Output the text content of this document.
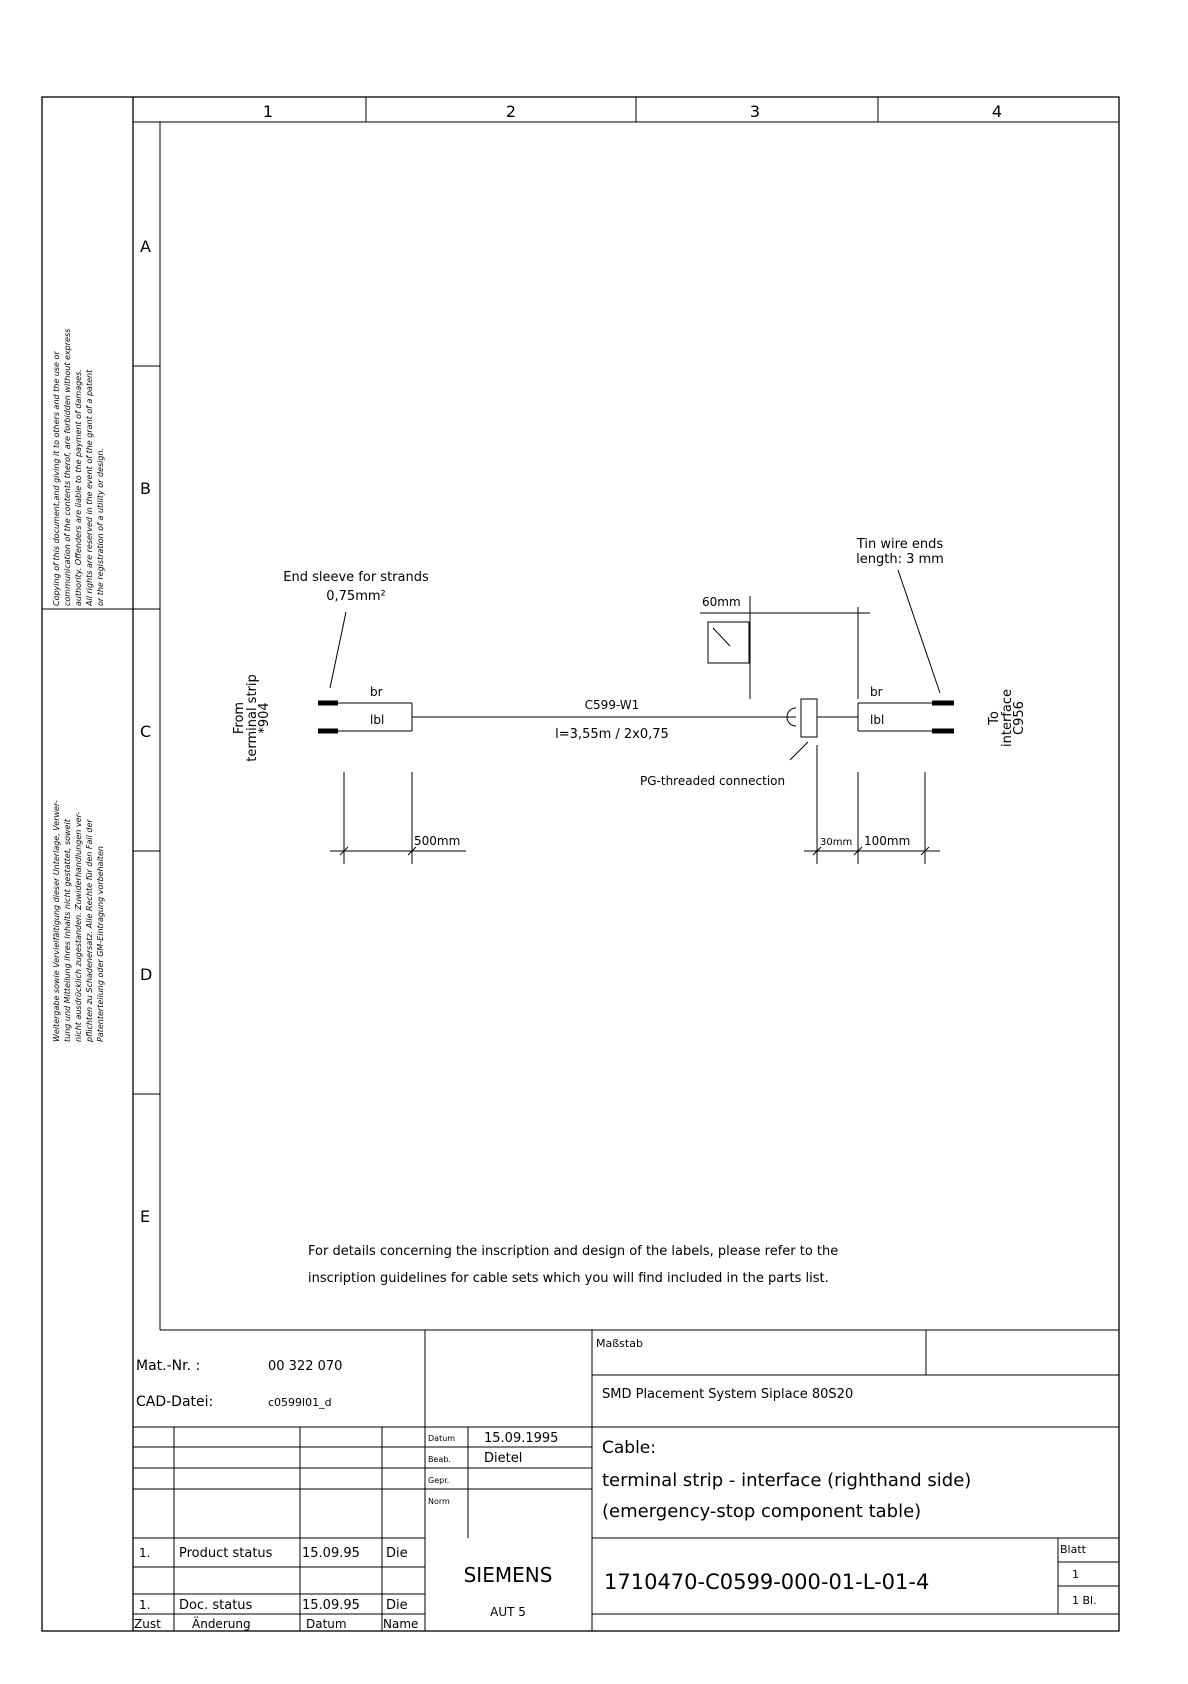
1	2	3	4
A
B
C
D
E
Copying of this document,and giving it to others and the use or communication of the contents therof, are forbidden without express authority. Offenders are liable to the payment of damages. All rights are reserved in the event of the grant of a patent or the registration of a utility or design.
Weitergabe sowie Vervielfältigung dieser Unterlage, Verwer- tung und Mitteilung ihres Inhalts nicht gestattet, soweit nicht ausdrücklich zugestanden. Zuwiderhandlungen ver- pflichten zu Schadenersatz. Alle Rechte für den Fall der Patenterteilung oder GM-Eintragung vorbehalten
From
terminal strip
*904
End sleeve for strands
0,75mm²
br
lbl
C599-W1
l=3,55m / 2x0,75
PG-threaded connection
60mm
br
lbl
Tin wire ends
length: 3 mm
To
interface
C956
500mm	30mm 100mm
For details concerning the inscription and design of the labels, please refer to the
inscription guidelines for cable sets which you will find included in the parts list.
Mat.-Nr. :	00 322 070
CAD-Datei:	c0599l01_d
Maßstab
SMD Placement System Siplace 80S20
Datum 15.09.1995
Beab.	Dietel
Gepr.
Norm
Cable:
terminal strip - interface (righthand side)
(emergency-stop component table)
1. Product status 15.09.95 Die
1. Doc. status	15.09.95 Die
Zust	Änderung	Datum	Name
SIEMENS
AUT 5
1710470-C0599-000-01-L-01-4
Blatt
1
1 Bl.
